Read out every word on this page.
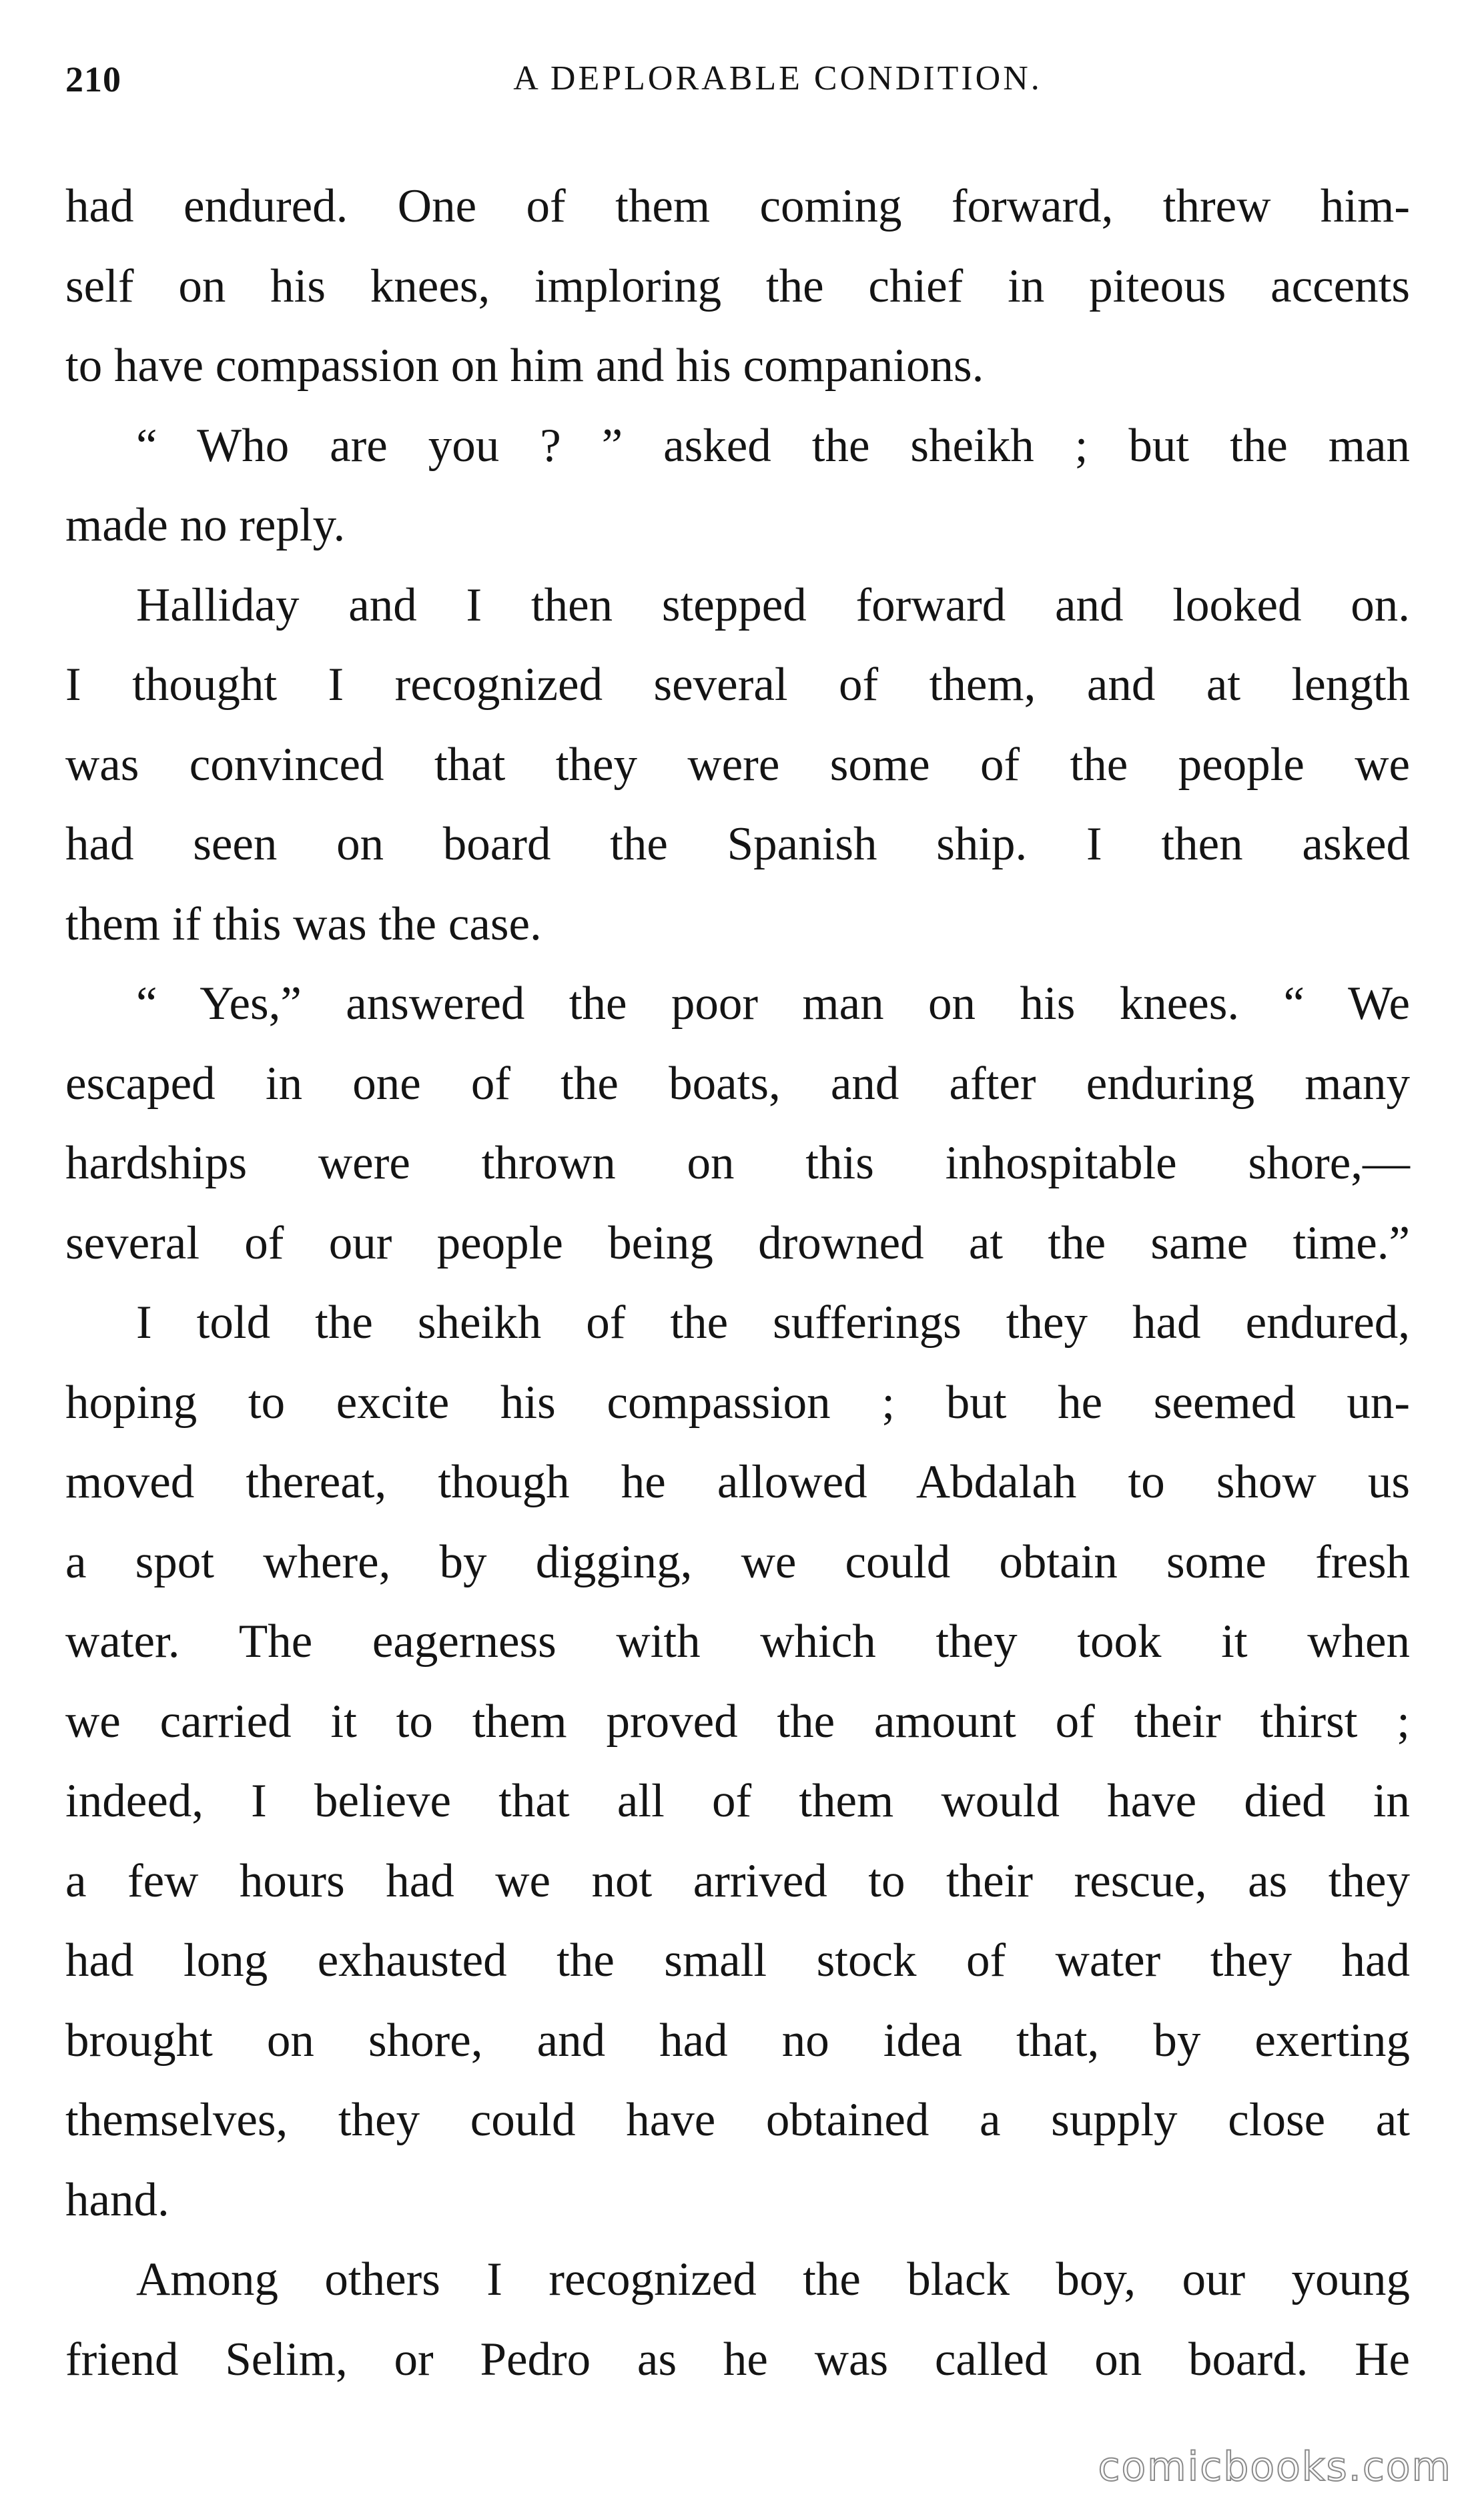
210	A DEPLORABLE CONDITION.

had endured. One of them coming forward, threw him-
self on his knees, imploring the chief in piteous accents
to have compassion on him and his companions.

“ Who are you ? ” asked the sheikh ; but the man
made no reply.

Halliday and I then stepped forward and looked on.
I thought I recognized several of them, and at length
was convinced that they were some of the people we
had seen on board the Spanish ship. I then asked
them if this was the case.

“ Yes,” answered the poor man on his knees. “ We
escaped in one of the boats, and after enduring many
hardships were thrown on this inhospitable shore,—
several of our people being drowned at the same time.”

I told the sheikh of the sufferings they had endured,
hoping to excite his compassion ; but he seemed un-
moved thereat, though he allowed Abdalah to show us
a spot where, by digging, we could obtain some fresh
water. The eagerness with which they took it when
we carried it to them proved the amount of their thirst ;
indeed, I believe that all of them would have died in
a few hours had we not arrived to their rescue, as they
had long exhausted the small stock of water they had
brought on shore, and had no idea that, by exerting
themselves, they could have obtained a supply close at
hand.

Among others I recognized the black boy, our young
friend Selim, or Pedro as he was called on board. He

comicbooks.com
